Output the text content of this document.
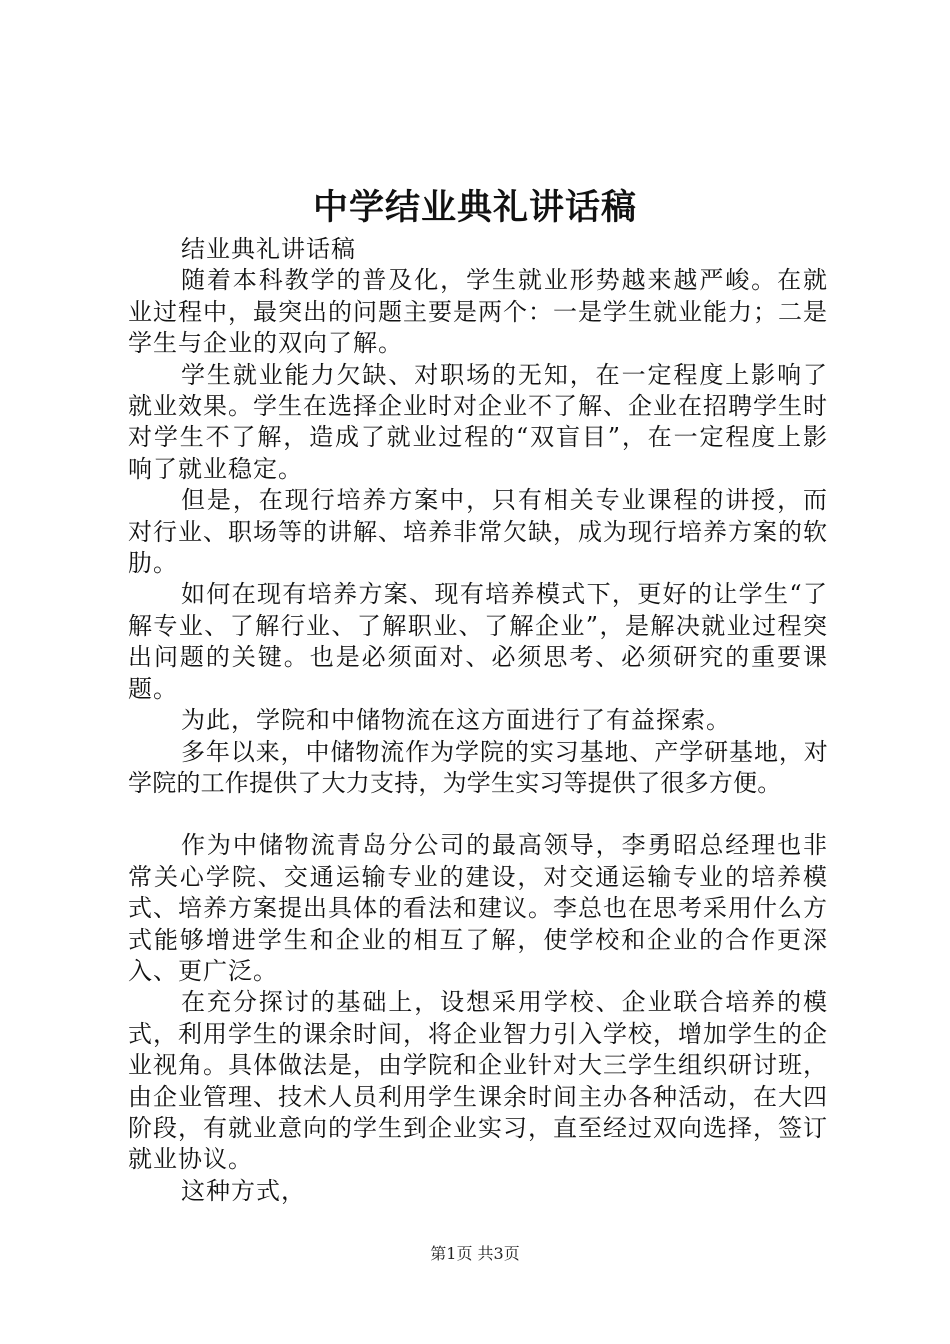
中学结业典礼讲话稿

结业典礼讲话稿

随着本科教学的普及化，学生就业形势越来越严峻。在就业过程中，最突出的问题主要是两个：一是学生就业能力；二是学生与企业的双向了解。

学生就业能力欠缺、对职场的无知，在一定程度上影响了就业效果。学生在选择企业时对企业不了解、企业在招聘学生时对学生不了解，造成了就业过程的“双盲目”，在一定程度上影响了就业稳定。

但是，在现行培养方案中，只有相关专业课程的讲授，而对行业、职场等的讲解、培养非常欠缺，成为现行培养方案的软肋。

如何在现有培养方案、现有培养模式下，更好的让学生“了解专业、了解行业、了解职业、了解企业”，是解决就业过程突出问题的关键。也是必须面对、必须思考、必须研究的重要课题。

为此，学院和中储物流在这方面进行了有益探索。

多年以来，中储物流作为学院的实习基地、产学研基地，对学院的工作提供了大力支持，为学生实习等提供了很多方便。

作为中储物流青岛分公司的最高领导，李勇昭总经理也非常关心学院、交通运输专业的建设，对交通运输专业的培养模式、培养方案提出具体的看法和建议。李总也在思考采用什么方式能够增进学生和企业的相互了解，使学校和企业的合作更深入、更广泛。

在充分探讨的基础上，设想采用学校、企业联合培养的模式，利用学生的课余时间，将企业智力引入学校，增加学生的企业视角。具体做法是，由学院和企业针对大三学生组织研讨班，由企业管理、技术人员利用学生课余时间主办各种活动，在大四阶段，有就业意向的学生到企业实习，直至经过双向选择，签订就业协议。

这种方式，

第1页 共3页
